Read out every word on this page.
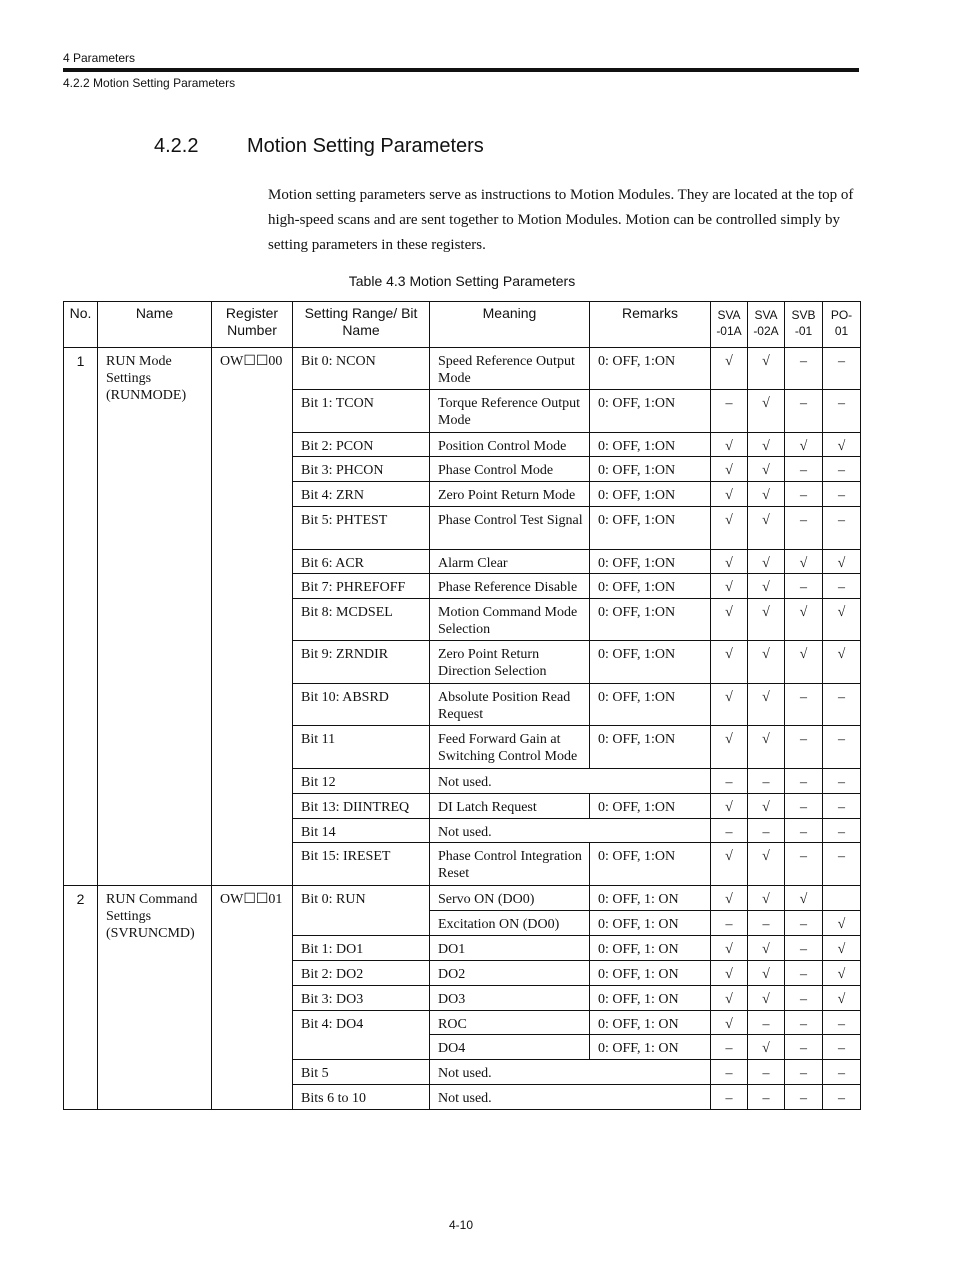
4 Parameters
4.2.2 Motion Setting Parameters
4.2.2 Motion Setting Parameters

Motion setting parameters serve as instructions to Motion Modules. They are located at the top of high-speed scans and are sent together to Motion Modules. Motion can be controlled simply by setting parameters in these registers.

Table 4.3 Motion Setting Parameters
No.	Name	Register Number	Setting Range/ Bit Name	Meaning	Remarks	SVA -01A	SVA -02A	SVB -01	PO- 01
1	RUN Mode Settings (RUNMODE)	OW☐☐00	Bit 0: NCON	Speed Reference Output Mode	0: OFF, 1:ON	√	√	–	–
			Bit 1: TCON	Torque Reference Output Mode	0: OFF, 1:ON	–	√	–	–
			Bit 2: PCON	Position Control Mode	0: OFF, 1:ON	√	√	√	√
			Bit 3: PHCON	Phase Control Mode	0: OFF, 1:ON	√	√	–	–
			Bit 4: ZRN	Zero Point Return Mode	0: OFF, 1:ON	√	√	–	–
			Bit 5: PHTEST	Phase Control Test Signal	0: OFF, 1:ON	√	√	–	–
			Bit 6: ACR	Alarm Clear	0: OFF, 1:ON	√	√	√	√
			Bit 7: PHREFOFF	Phase Reference Disable	0: OFF, 1:ON	√	√	–	–
			Bit 8: MCDSEL	Motion Command Mode Selection	0: OFF, 1:ON	√	√	√	√
			Bit 9: ZRNDIR	Zero Point Return Direction Selection	0: OFF, 1:ON	√	√	√	√
			Bit 10: ABSRD	Absolute Position Read Request	0: OFF, 1:ON	√	√	–	–
			Bit 11	Feed Forward Gain at Switching Control Mode	0: OFF, 1:ON	√	√	–	–
			Bit 12	Not used.		–	–	–	–
			Bit 13: DIINTREQ	DI Latch Request	0: OFF, 1:ON	√	√	–	–
			Bit 14	Not used.		–	–	–	–
			Bit 15: IRESET	Phase Control Integration Reset	0: OFF, 1:ON	√	√	–	–
2	RUN Command Settings (SVRUNCMD)	OW☐☐01	Bit 0: RUN	Servo ON (DO0)	0: OFF, 1: ON	√	√	√	
				Excitation ON (DO0)	0: OFF, 1: ON	–	–	–	√
			Bit 1: DO1	DO1	0: OFF, 1: ON	√	√	–	√
			Bit 2: DO2	DO2	0: OFF, 1: ON	√	√	–	√
			Bit 3: DO3	DO3	0: OFF, 1: ON	√	√	–	√
			Bit 4: DO4	ROC	0: OFF, 1: ON	√	–	–	–
				DO4	0: OFF, 1: ON	–	√	–	–
			Bit 5	Not used.		–	–	–	–
			Bits 6 to 10	Not used.		–	–	–	–
4-10
